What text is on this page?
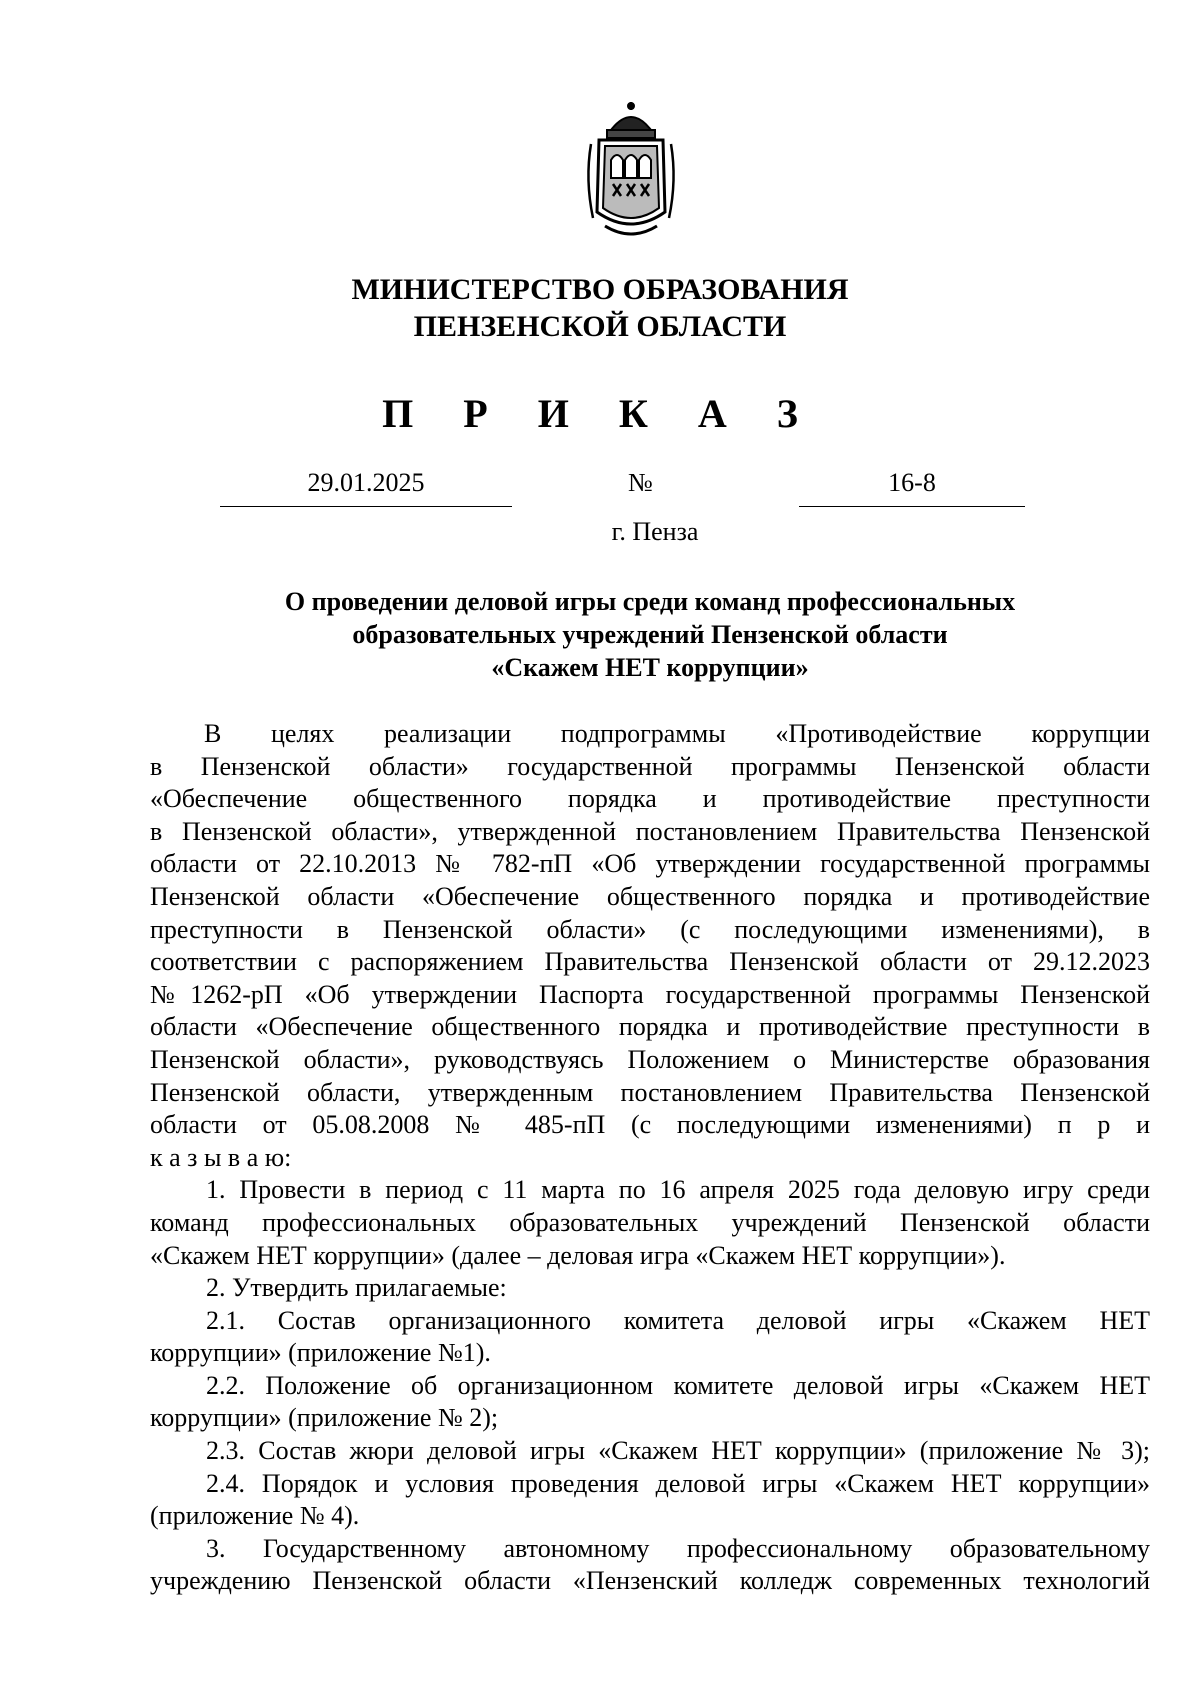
МИНИСТЕРСТВО ОБРАЗОВАНИЯ
ПЕНЗЕНСКОЙ ОБЛАСТИ
П Р И К А З
29.01.2025	№	16-8
г. Пенза
О проведении деловой игры среди команд профессиональных
образовательных учреждений Пензенской области
«Скажем НЕТ коррупции»

В целях реализации подпрограммы «Противодействие коррупции

в Пензенской области» государственной программы Пензенской области

«Обеспечение общественного порядка и противодействие преступности

в Пензенской области», утвержденной постановлением Правительства Пензенской

области от 22.10.2013 № 782-пП «Об утверждении государственной программы

Пензенской области «Обеспечение общественного порядка и противодействие

преступности в Пензенской области» (с последующими изменениями), в

соответствии с распоряжением Правительства Пензенской области от 29.12.2023

№1262-рП «Об утверждении Паспорта государственной программы Пензенской

области «Обеспечение общественного порядка и противодействие преступности в

Пензенской области», руководствуясь Положением о Министерстве образования

Пензенской области, утвержденным постановлением Правительства Пензенской

области от 05.08.2008 № 485-пП (с последующими изменениями) п р и

к а з ы в а ю:

1. Провести в период с 11 марта по 16 апреля 2025 года деловую игру среди

команд профессиональных образовательных учреждений Пензенской области

«Скажем НЕТ коррупции» (далее – деловая игра «Скажем НЕТ коррупции»).

2. Утвердить прилагаемые:

2.1. Состав организационного комитета деловой игры «Скажем НЕТ

коррупции» (приложение №1).

2.2. Положение об организационном комитете деловой игры «Скажем НЕТ

коррупции» (приложение № 2);

2.3. Состав жюри деловой игры «Скажем НЕТ коррупции» (приложение № 3);

2.4. Порядок и условия проведения деловой игры «Скажем НЕТ коррупции»

(приложение № 4).

3. Государственному автономному профессиональному образовательному

учреждению Пензенской области «Пензенский колледж современных технологий
